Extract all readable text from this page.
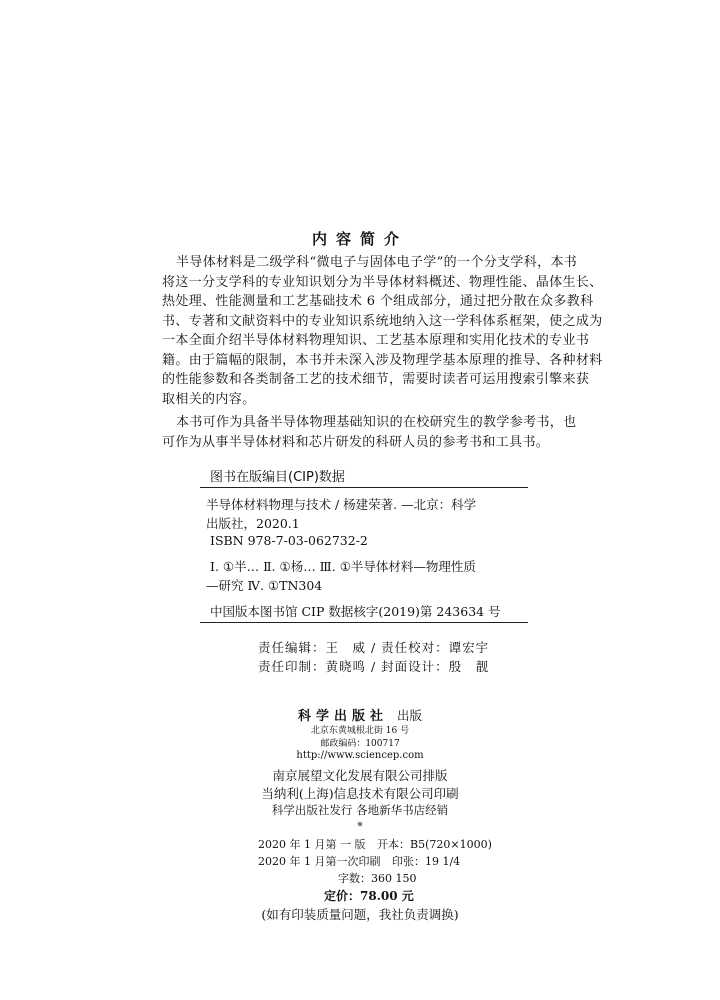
内容简介
半导体材料是二级学科“微电子与固体电子学”的一个分支学科，本书
将这一分支学科的专业知识划分为半导体材料概述、物理性能、晶体生长、
热处理、性能测量和工艺基础技术 6 个组成部分，通过把分散在众多教科
书、专著和文献资料中的专业知识系统地纳入这一学科体系框架，使之成为
一本全面介绍半导体材料物理知识、工艺基本原理和实用化技术的专业书
籍。由于篇幅的限制，本书并未深入涉及物理学基本原理的推导、各种材料
的性能参数和各类制备工艺的技术细节，需要时读者可运用搜索引擎来获
取相关的内容。
本书可作为具备半导体物理基础知识的在校研究生的教学参考书，也
可作为从事半导体材料和芯片研发的科研人员的参考书和工具书。
图书在版编目(CIP)数据
半导体材料物理与技术 / 杨建荣著. —北京：科学
出版社，2020.1
ISBN 978-7-03-062732-2
Ⅰ. ①半… Ⅱ. ①杨… Ⅲ. ①半导体材料—物理性质
—研究 Ⅳ. ①TN304
中国版本图书馆 CIP 数据核字(2019)第 243634 号
责任编辑：王　威 / 责任校对：谭宏宇
责任印制：黄晓鸣 / 封面设计：殷　靓
科学出版社 出版
北京东黄城根北街 16 号
邮政编码：100717
http://www.sciencep.com
南京展望文化发展有限公司排版
当纳利(上海)信息技术有限公司印刷
科学出版社发行 各地新华书店经销
*
2020 年 1 月第 一 版 开本：B5(720×1000)
2020 年 1 月第一次印刷 印张：19 1/4
字数：360 150
定价：78.00 元
(如有印装质量问题，我社负责调换)
